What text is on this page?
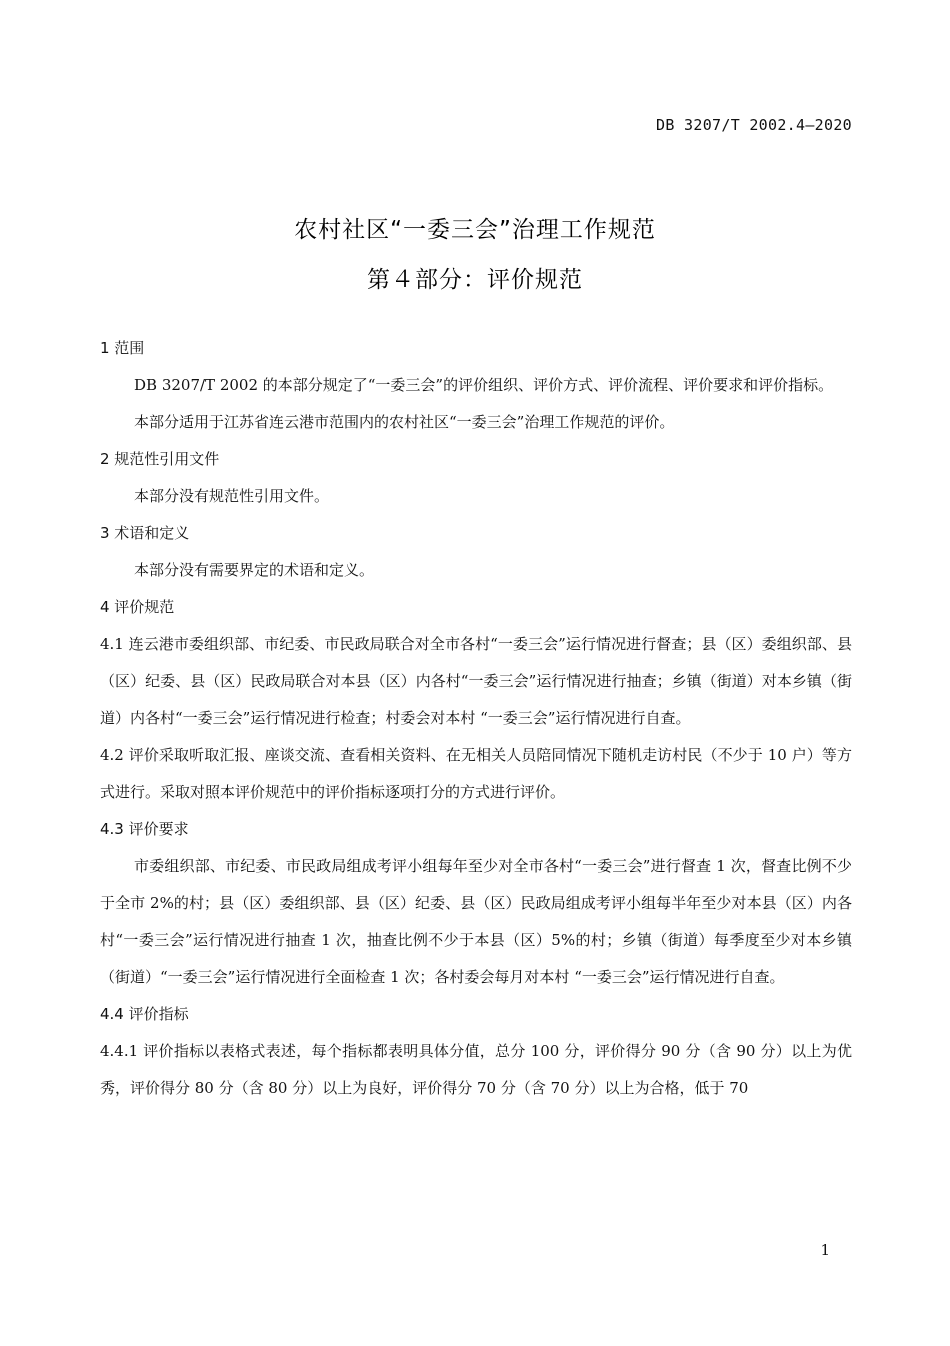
DB 3207/T 2002.4—2020
农村社区“一委三会”治理工作规范
第４部分：评价规范
1 范围

DB 3207/T 2002 的本部分规定了“一委三会”的评价组织、评价方式、评价流程、评价要求和评价指标。

本部分适用于江苏省连云港市范围内的农村社区“一委三会”治理工作规范的评价。

2 规范性引用文件

本部分没有规范性引用文件。

3 术语和定义

本部分没有需要界定的术语和定义。

4 评价规范

4.1 连云港市委组织部、市纪委、市民政局联合对全市各村“一委三会”运行情况进行督查；县（区）委组织部、县（区）纪委、县（区）民政局联合对本县（区）内各村“一委三会”运行情况进行抽查；乡镇（街道）对本乡镇（街道）内各村“一委三会”运行情况进行检查；村委会对本村 “一委三会”运行情况进行自查。

4.2 评价采取听取汇报、座谈交流、查看相关资料、在无相关人员陪同情况下随机走访村民（不少于 10 户）等方式进行。采取对照本评价规范中的评价指标逐项打分的方式进行评价。

4.3 评价要求

市委组织部、市纪委、市民政局组成考评小组每年至少对全市各村“一委三会”进行督查 1 次，督查比例不少于全市 2%的村；县（区）委组织部、县（区）纪委、县（区）民政局组成考评小组每半年至少对本县（区）内各村“一委三会”运行情况进行抽查 1 次，抽查比例不少于本县（区）5%的村；乡镇（街道）每季度至少对本乡镇（街道）“一委三会”运行情况进行全面检查 1 次；各村委会每月对本村 “一委三会”运行情况进行自查。

4.4 评价指标

4.4.1 评价指标以表格式表述，每个指标都表明具体分值，总分 100 分，评价得分 90 分（含 90 分）以上为优秀，评价得分 80 分（含 80 分）以上为良好，评价得分 70 分（含 70 分）以上为合格，低于 70

1
